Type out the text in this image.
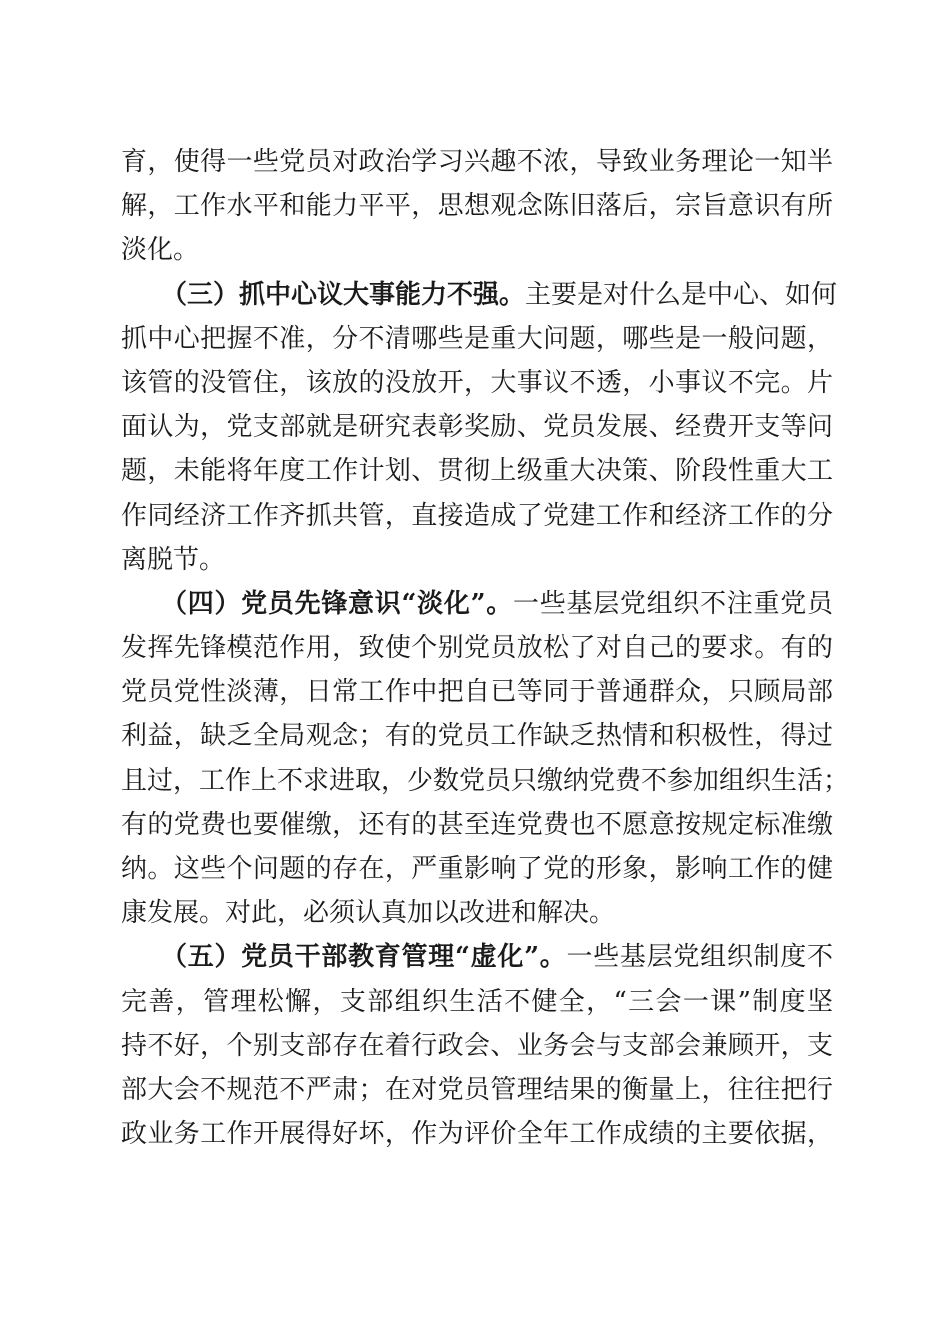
育，使得一些党员对政治学习兴趣不浓，导致业务理论一知半
解，工作水平和能力平平，思想观念陈旧落后，宗旨意识有所
淡化。
（三）抓中心议大事能力不强。主要是对什么是中心、如何
抓中心把握不准，分不清哪些是重大问题，哪些是一般问题，
该管的没管住，该放的没放开，大事议不透，小事议不完。片
面认为，党支部就是研究表彰奖励、党员发展、经费开支等问
题，未能将年度工作计划、贯彻上级重大决策、阶段性重大工
作同经济工作齐抓共管，直接造成了党建工作和经济工作的分
离脱节。
（四）党员先锋意识“淡化”。一些基层党组织不注重党员
发挥先锋模范作用，致使个别党员放松了对自己的要求。有的
党员党性淡薄，日常工作中把自已等同于普通群众，只顾局部
利益，缺乏全局观念；有的党员工作缺乏热情和积极性，得过
且过，工作上不求进取，少数党员只缴纳党费不参加组织生活；
有的党费也要催缴，还有的甚至连党费也不愿意按规定标准缴
纳。这些个问题的存在，严重影响了党的形象，影响工作的健
康发展。对此，必须认真加以改进和解决。
（五）党员干部教育管理“虚化”。一些基层党组织制度不
完善，管理松懈，支部组织生活不健全，“三会一课”制度坚
持不好，个别支部存在着行政会、业务会与支部会兼顾开，支
部大会不规范不严肃；在对党员管理结果的衡量上，往往把行
政业务工作开展得好坏，作为评价全年工作成绩的主要依据，
